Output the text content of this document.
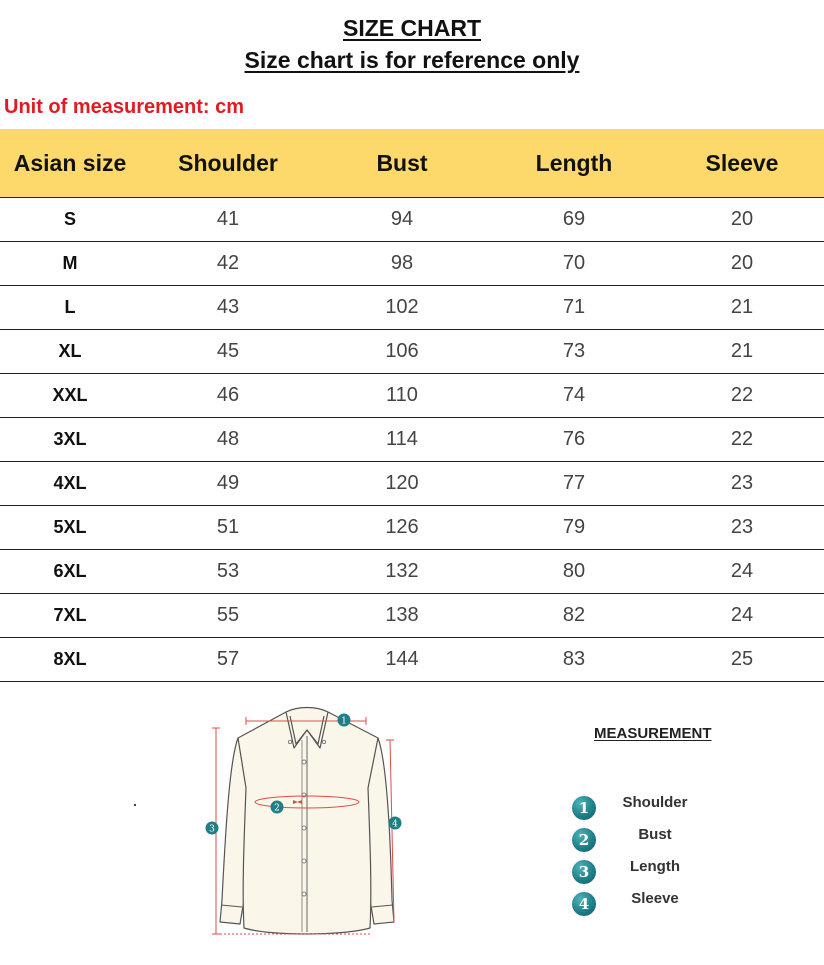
SIZE CHART
Size chart is for reference only
Unit of measurement: cm
Asian size	Shoulder	Bust	Length	Sleeve
S	41	94	69	20
M	42	98	70	20
L	43	102	71	21
XL	45	106	73	21
XXL	46	110	74	22
3XL	48	114	76	22
4XL	49	120	77	23
5XL	51	126	79	23
6XL	53	132	80	24
7XL	55	138	82	24
8XL	57	144	83	25
1
2
3	4
MEASUREMENT
1	Shoulder
2	Bust
3	Length
4	Sleeve
